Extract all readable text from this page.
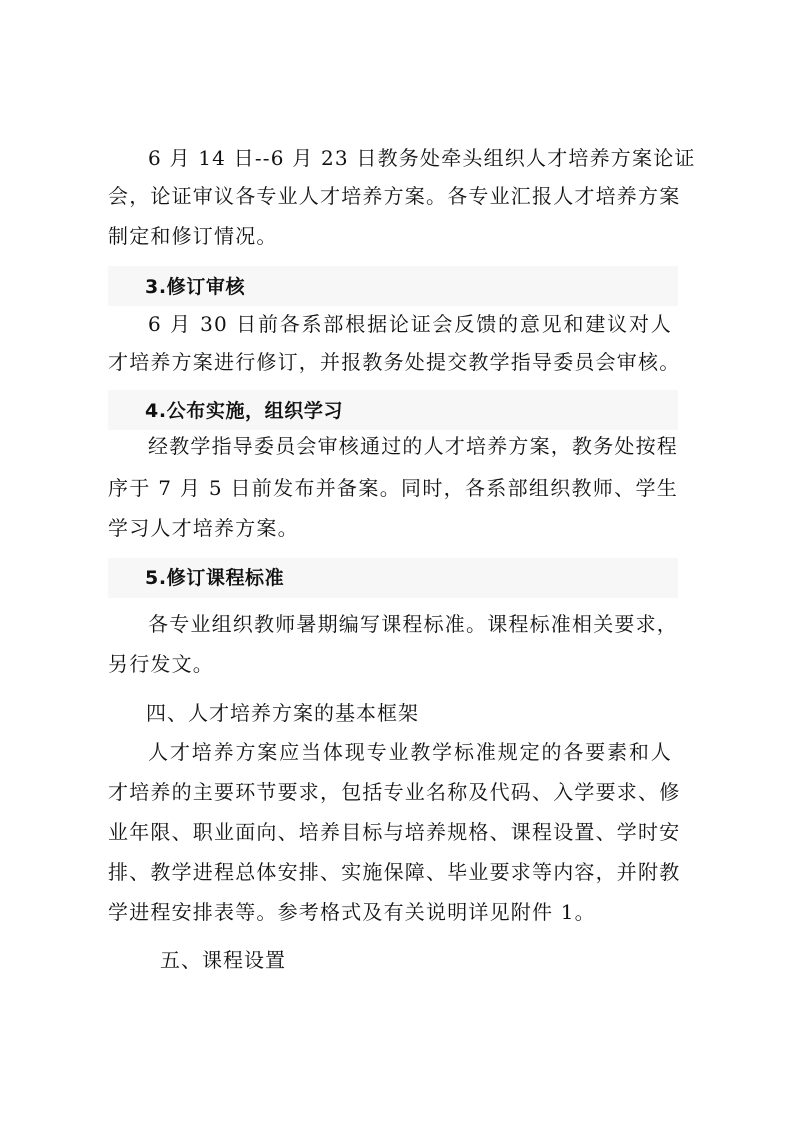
6 月 14 日--6 月 23 日教务处牵头组织人才培养方案论证
会，论证审议各专业人才培养方案。各专业汇报人才培养方案
制定和修订情况。
3.修订审核
6 月 30 日前各系部根据论证会反馈的意见和建议对人
才培养方案进行修订，并报教务处提交教学指导委员会审核。
4.公布实施，组织学习
经教学指导委员会审核通过的人才培养方案，教务处按程
序于 7 月 5 日前发布并备案。同时，各系部组织教师、学生
学习人才培养方案。
5.修订课程标准
各专业组织教师暑期编写课程标准。课程标准相关要求，
另行发文。
四、人才培养方案的基本框架
人才培养方案应当体现专业教学标准规定的各要素和人
才培养的主要环节要求，包括专业名称及代码、入学要求、修
业年限、职业面向、培养目标与培养规格、课程设置、学时安
排、教学进程总体安排、实施保障、毕业要求等内容，并附教
学进程安排表等。参考格式及有关说明详见附件 1。
五、课程设置
